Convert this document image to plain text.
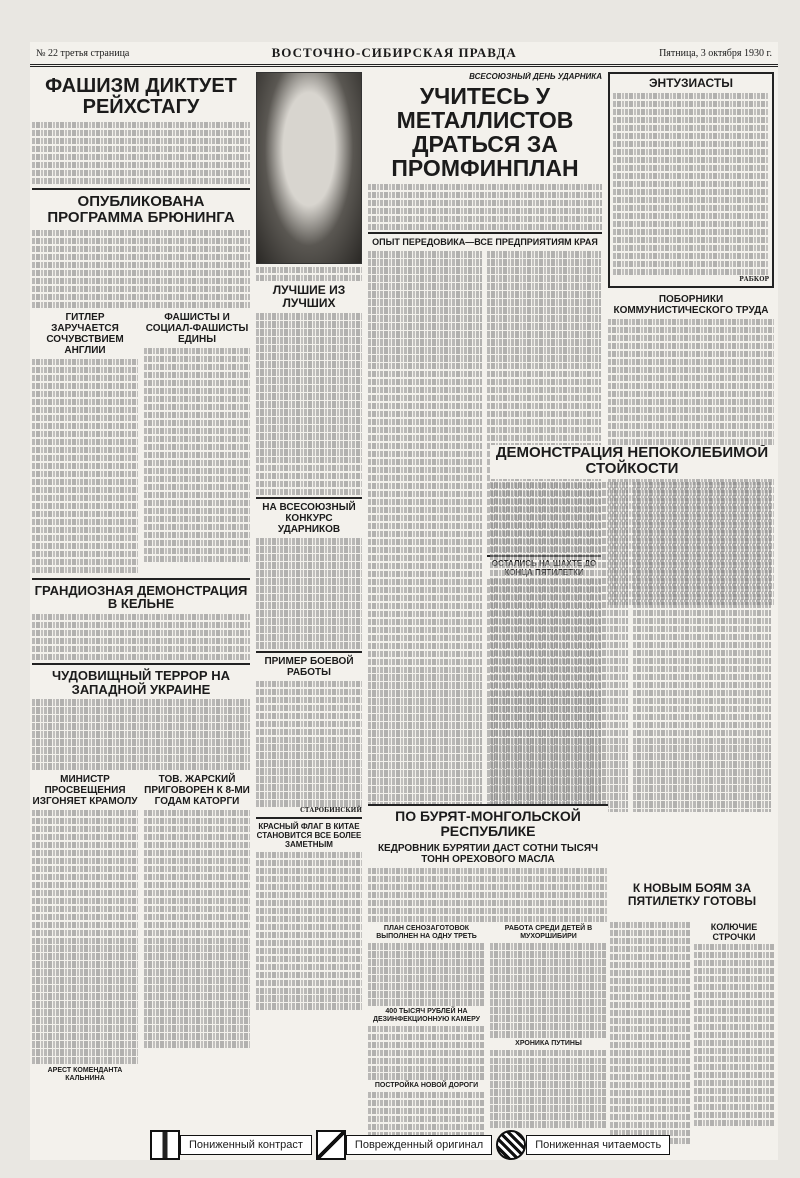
№ 22 третья страница	ВОСТОЧНО-СИБИРСКАЯ ПРАВДА	Пятница, 3 октября 1930 г.
ФАШИЗМ ДИКТУЕТ РЕЙХСТАГУ
ОПУБЛИКОВАНА ПРОГРАММА БРЮНИНГА
ГИТЛЕР ЗАРУЧАЕТСЯ СОЧУВСТВИЕМ АНГЛИИ
ФАШИСТЫ И СОЦИАЛ-ФАШИСТЫ ЕДИНЫ
ГРАНДИОЗНАЯ ДЕМОНСТРАЦИЯ В КЕЛЬНЕ
ЧУДОВИЩНЫЙ ТЕРРОР НА ЗАПАДНОЙ УКРАИНЕ
МИНИСТР ПРОСВЕЩЕНИЯ ИЗГОНЯЕТ КРАМОЛУ
АРЕСТ КОМЕНДАНТА КАЛЬНИНА
ТОВ. ЖАРСКИЙ ПРИГОВОРЕН К 8-МИ ГОДАМ КАТОРГИ
ЛУЧШИЕ ИЗ ЛУЧШИХ
НА ВСЕСОЮЗНЫЙ КОНКУРС УДАРНИКОВ
ПРИМЕР БОЕВОЙ РАБОТЫ
СТАРОБИНСКИЙ
КРАСНЫЙ ФЛАГ В КИТАЕ СТАНОВИТСЯ ВСЕ БОЛЕЕ ЗАМЕТНЫМ
ВСЕСОЮЗНЫЙ ДЕНЬ УДАРНИКА
УЧИТЕСЬ У МЕТАЛЛИСТОВ ДРАТЬСЯ ЗА ПРОМФИНПЛАН
ОПЫТ ПЕРЕДОВИКА—ВСЕ ПРЕДПРИЯТИЯМ КРАЯ
ЭНТУЗИАСТЫ
РАБКОР
ПОБОРНИКИ КОММУНИСТИЧЕСКОГО ТРУДА
ДЕМОНСТРАЦИЯ НЕПОКОЛЕБИМОЙ СТОЙКОСТИ
ПО БУРЯТ-МОНГОЛЬСКОЙ РЕСПУБЛИКЕ
КЕДРОВНИК БУРЯТИИ ДАСТ СОТНИ ТЫСЯЧ ТОНН ОРЕХОВОГО МАСЛА
ПЛАН СЕНОЗАГОТОВОК ВЫПОЛНЕН НА ОДНУ ТРЕТЬ
400 ТЫСЯЧ РУБЛЕЙ НА ДЕЗИНФЕКЦИОННУЮ КАМЕРУ
ПОСТРОЙКА НОВОЙ ДОРОГИ
РАБОТА СРЕДИ ДЕТЕЙ В МУХОРШИБИРИ
ХРОНИКА ПУТИНЫ
К НОВЫМ БОЯМ ЗА ПЯТИЛЕТКУ ГОТОВЫ
КОЛЮЧИЕ СТРОЧКИ
Пониженный контраст	Поврежденный оригинал	Пониженная читаемость
